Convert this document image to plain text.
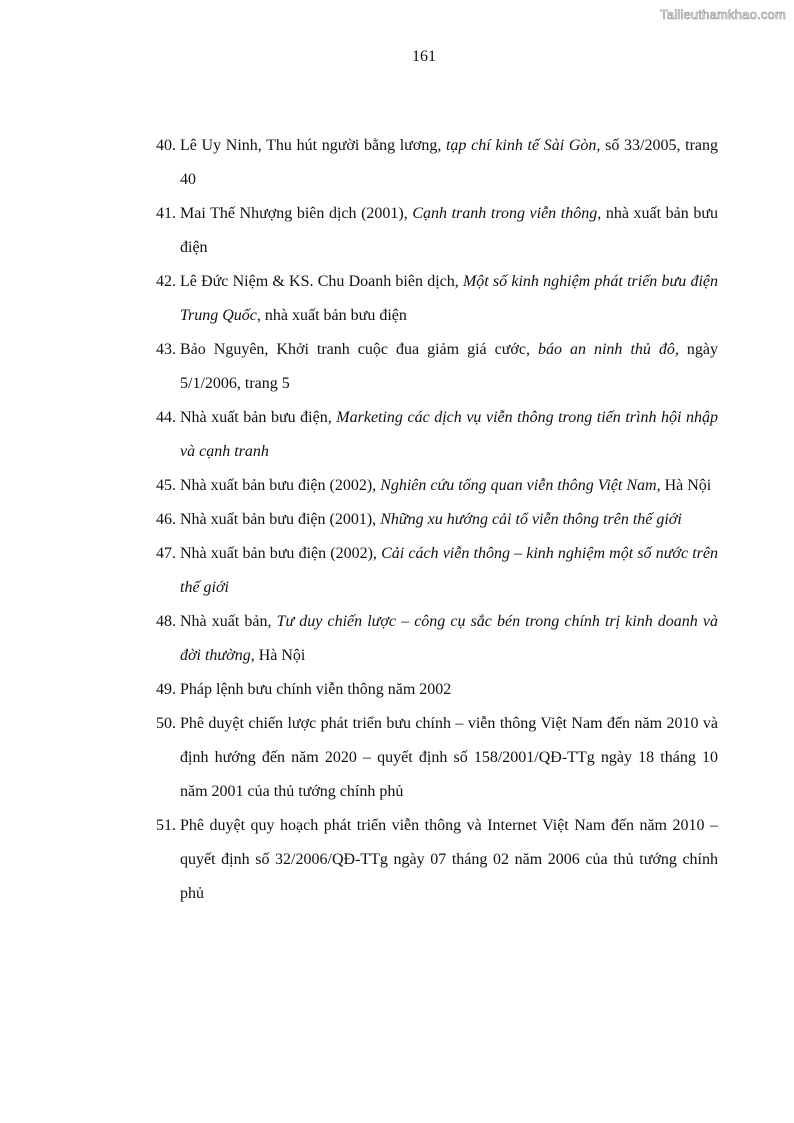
Tailieuthamkhao.com
161
40. Lê Uy Ninh, Thu hút người bằng lương, tạp chí kinh tế Sài Gòn, số 33/2005, trang 40
41. Mai Thế Nhượng biên dịch (2001), Cạnh tranh trong viễn thông, nhà xuất bản bưu điện
42. Lê Đức Niệm & KS. Chu Doanh biên dịch, Một số kinh nghiệm phát triển bưu điện Trung Quốc, nhà xuất bản bưu điện
43. Bảo Nguyên, Khởi tranh cuộc đua giảm giá cước, báo an ninh thủ đô, ngày 5/1/2006, trang 5
44. Nhà xuất bản bưu điện, Marketing các dịch vụ viễn thông trong tiến trình hội nhập và cạnh tranh
45. Nhà xuất bản bưu điện (2002), Nghiên cứu tổng quan viễn thông Việt Nam, Hà Nội
46. Nhà xuất bản bưu điện (2001), Những xu hướng cải tổ viễn thông trên thế giới
47. Nhà xuất bản bưu điện (2002), Cải cách viễn thông – kinh nghiệm một số nước trên thế giới
48. Nhà xuất bản, Tư duy chiến lược – công cụ sắc bén trong chính trị kinh doanh và đời thường, Hà Nội
49. Pháp lệnh bưu chính viễn thông năm 2002
50. Phê duyệt chiến lược phát triển bưu chính – viễn thông Việt Nam đến năm 2010 và định hướng đến năm 2020 – quyết định số 158/2001/QĐ-TTg ngày 18 tháng 10 năm 2001 của thủ tướng chính phủ
51. Phê duyệt quy hoạch phát triển viễn thông và Internet Việt Nam đến năm 2010 – quyết định số 32/2006/QĐ-TTg ngày 07 tháng 02 năm 2006 của thủ tướng chính phủ
